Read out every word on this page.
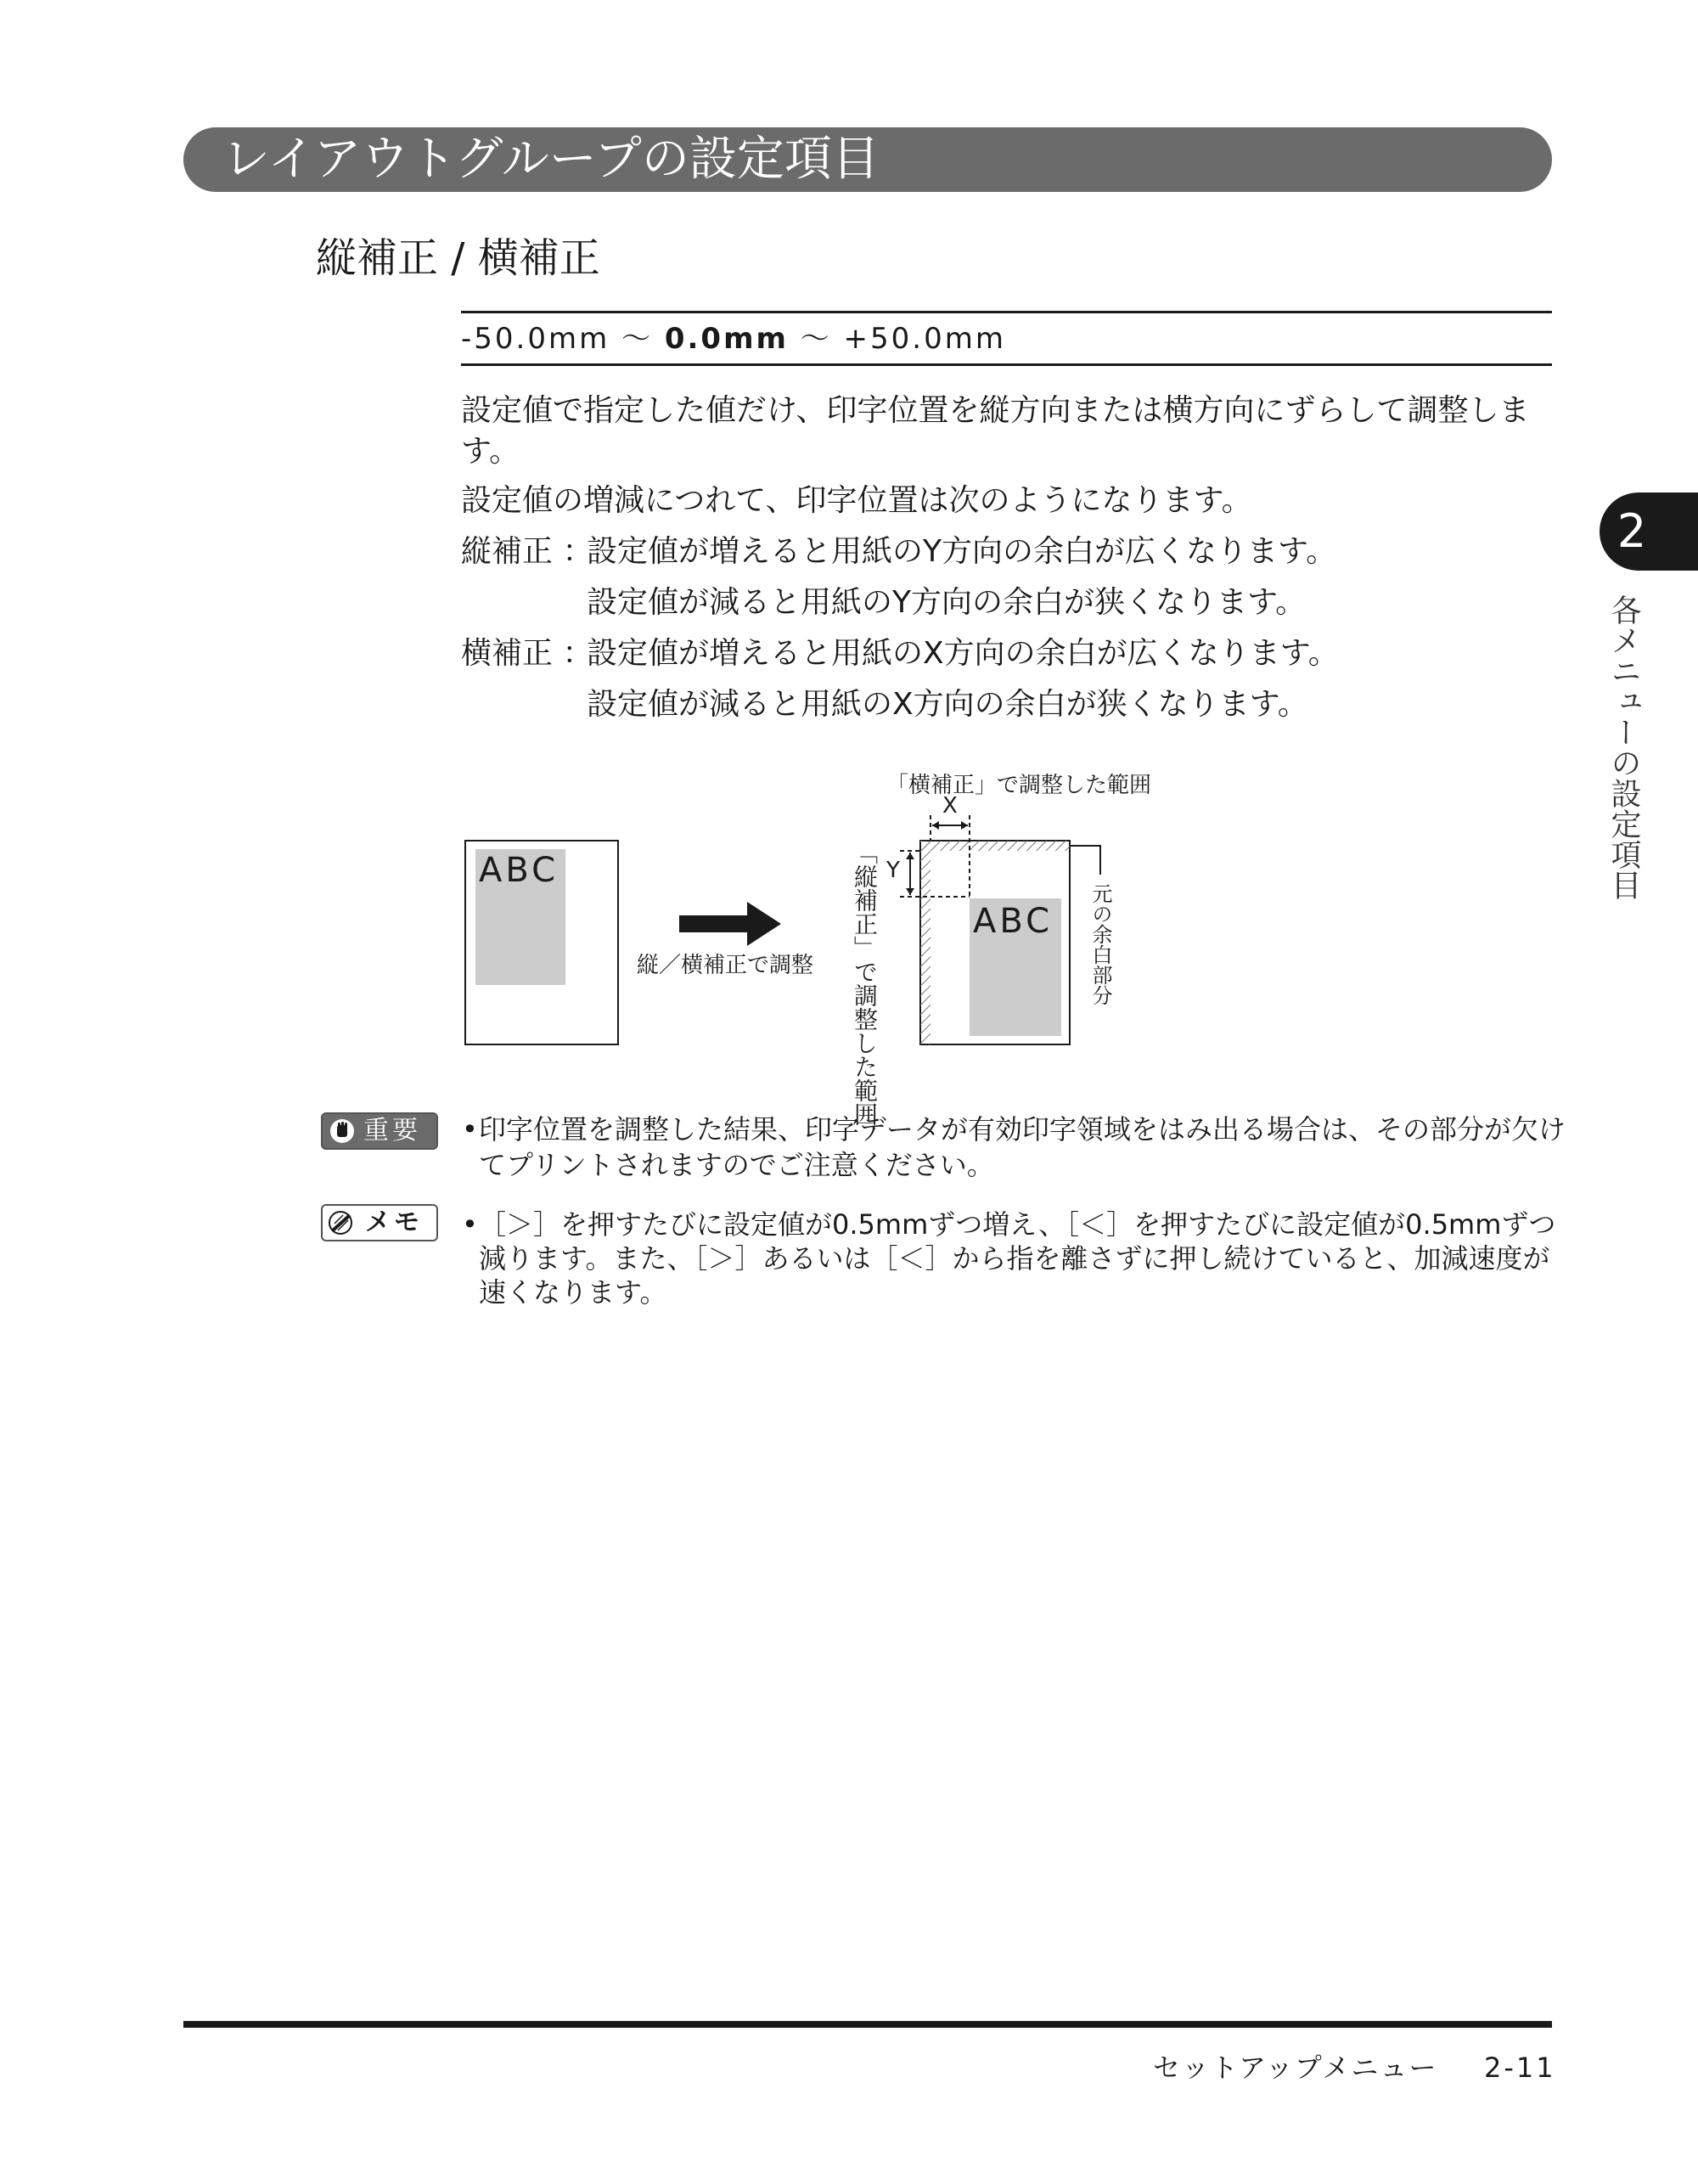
レイアウトグループの設定項目
縦補正 / 横補正
-50.0mm ～ 0.0mm ～ +50.0mm
設定値で指定した値だけ、印字位置を縦方向または横方向にずらして調整しま
す。
設定値の増減につれて、印字位置は次のようになります。
縦補正 ：設定値が増えると用紙のY方向の余白が広くなります。
設定値が減ると用紙のY方向の余白が狭くなります。
横補正 ：設定値が増えると用紙のX方向の余白が広くなります。
設定値が減ると用紙のX方向の余白が狭くなります。
2
各メニューの設定項目
ABC
ABC
縦／横補正で調整
「横補正」で調整した範囲
X
Y
「縦補正」で調整した範囲	元の余白部分
重要 • 印字位置を調整した結果、印字データが有効印字領域をはみ出る場合は、その部分が欠け
てプリントされますのでご注意ください。
メモ • ［＞］を押すたびに設定値が0.5mmずつ増え、［＜］を押すたびに設定値が0.5mmずつ
減ります。また、［＞］あるいは［＜］から指を離さずに押し続けていると、加減速度が
速くなります。
セットアップメニュー 2-11
